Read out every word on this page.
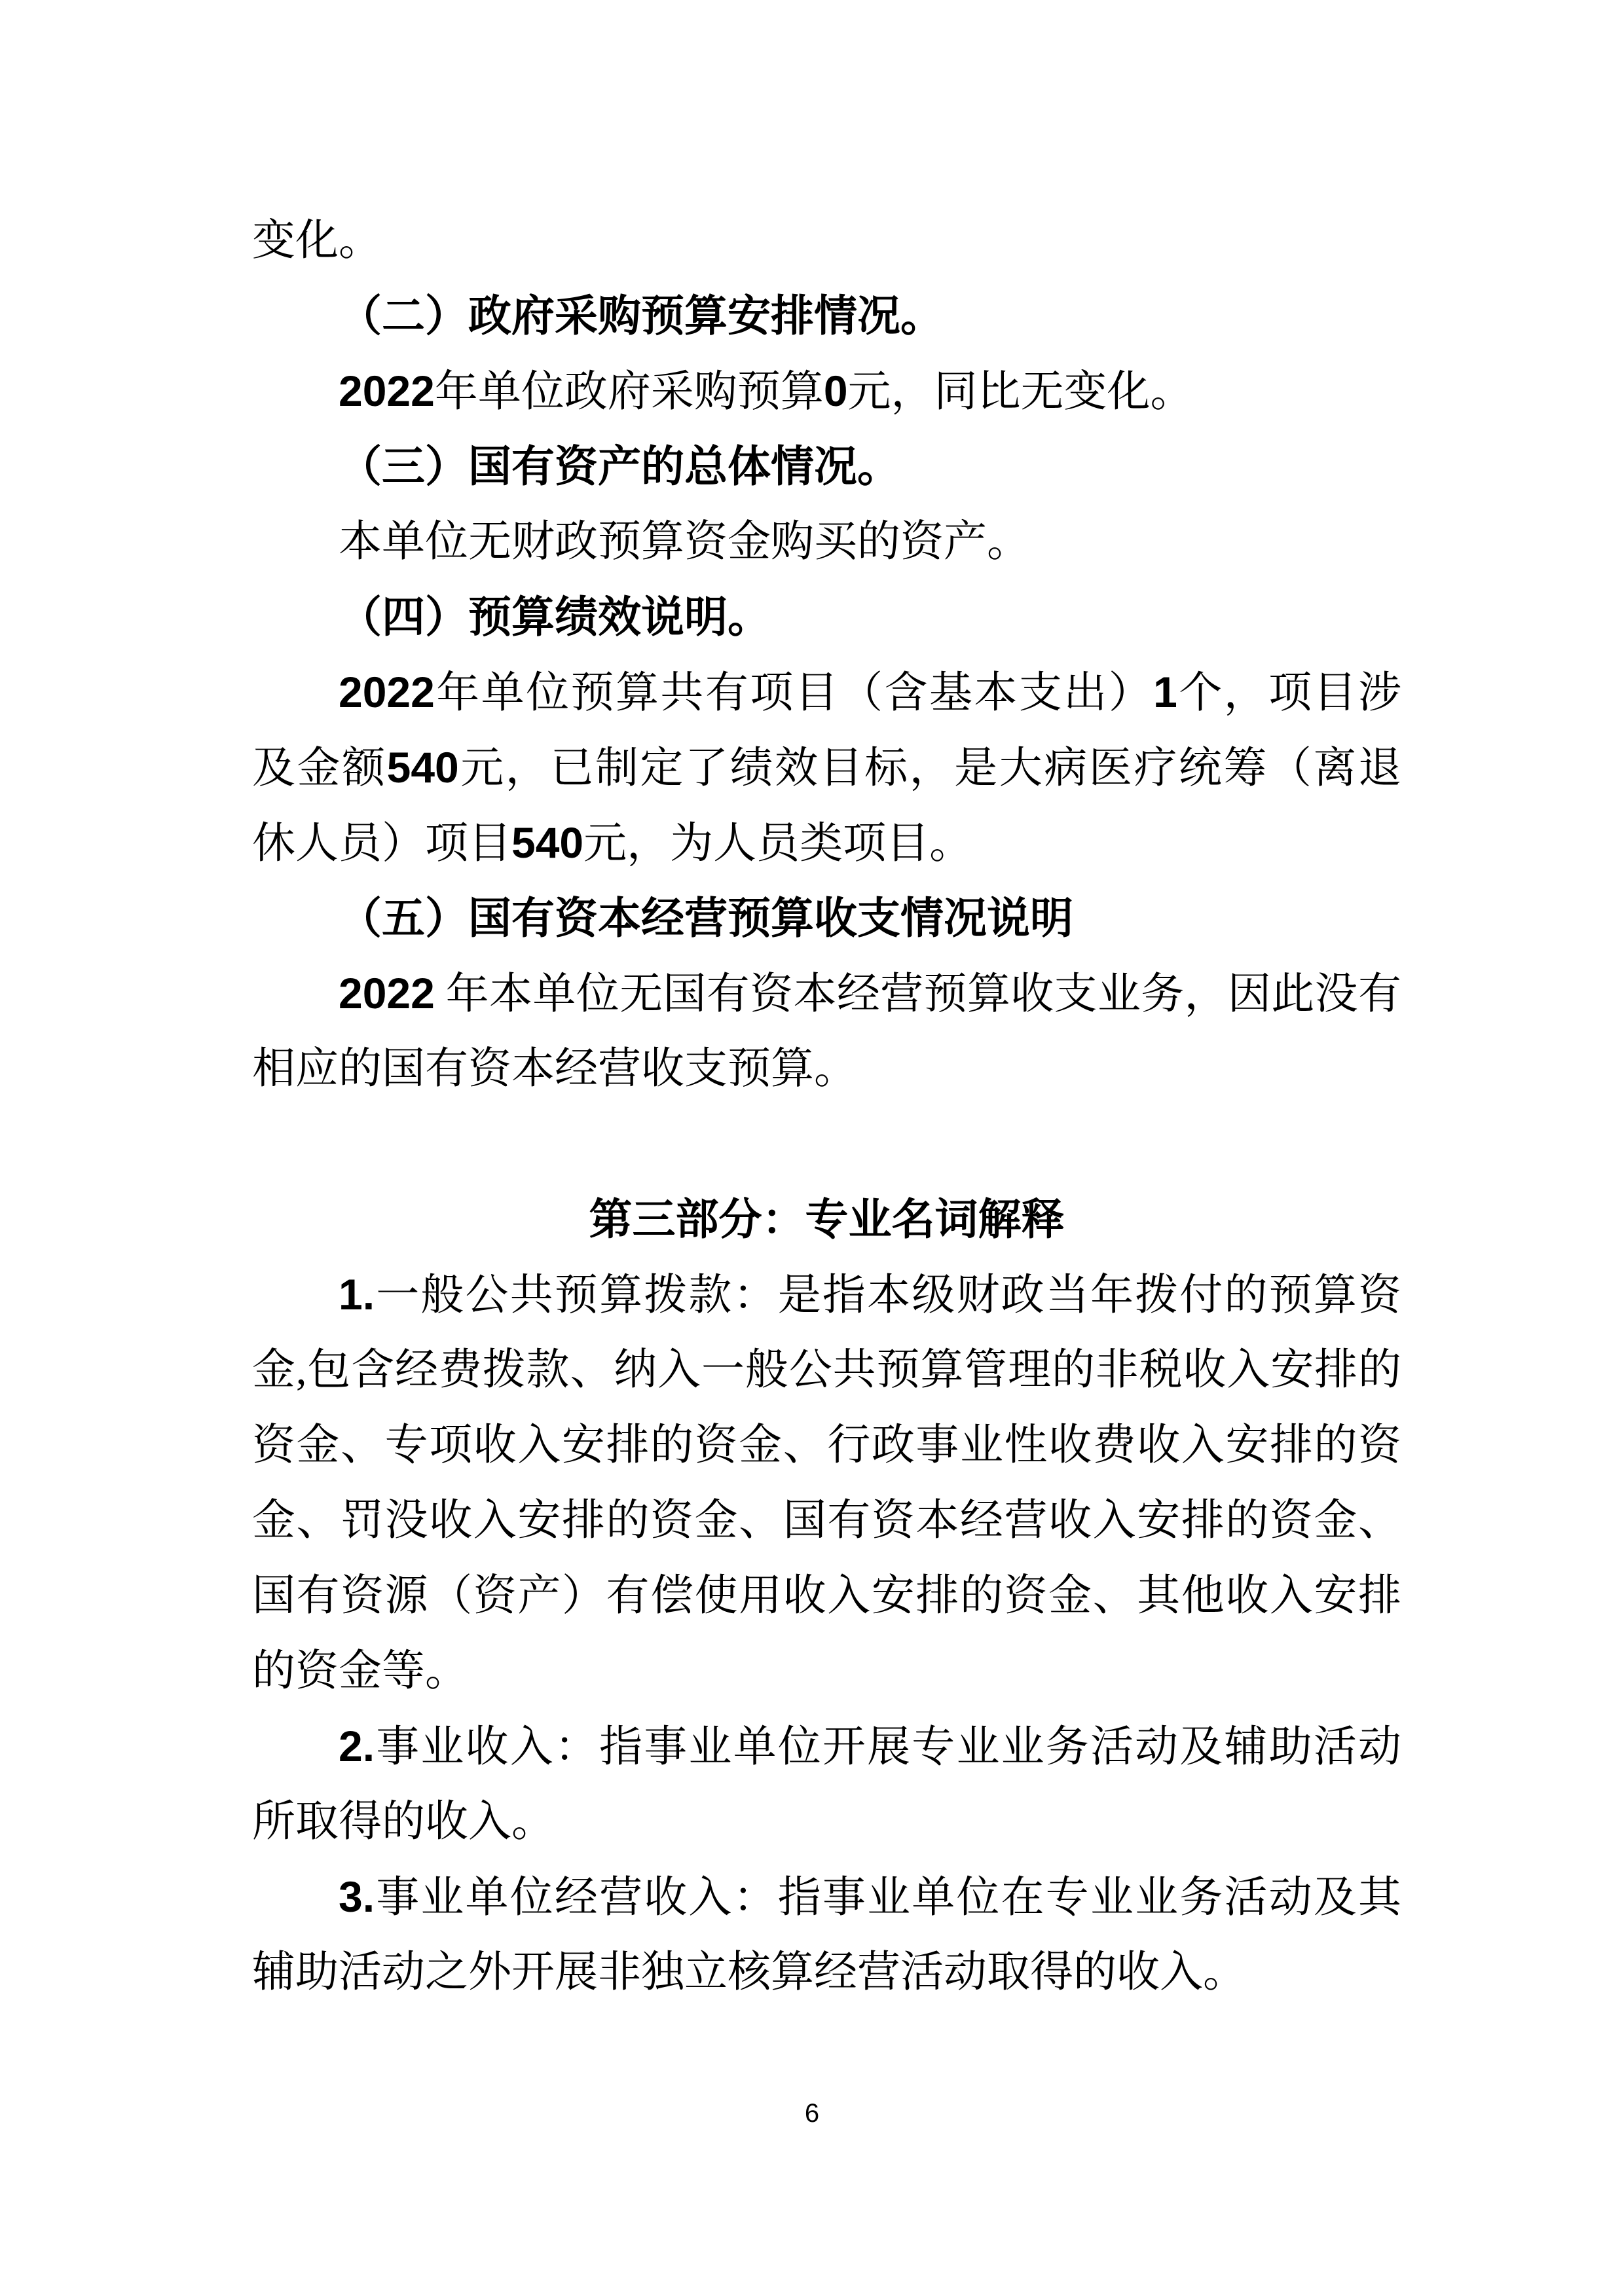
变化。
（二）政府采购预算安排情况。
2022年单位政府采购预算0元，同比无变化。
（三）国有资产的总体情况。
本单位无财政预算资金购买的资产。
（四）预算绩效说明。
2022年单位预算共有项目（含基本支出）1个，项目涉
及金额540元，已制定了绩效目标，是大病医疗统筹（离退
休人员）项目540元，为人员类项目。
（五）国有资本经营预算收支情况说明
2022 年本单位无国有资本经营预算收支业务，因此没有
相应的国有资本经营收支预算。
第三部分：专业名词解释
1.一般公共预算拨款：是指本级财政当年拨付的预算资
金,包含经费拨款、纳入一般公共预算管理的非税收入安排的
资金、专项收入安排的资金、行政事业性收费收入安排的资
金、罚没收入安排的资金、国有资本经营收入安排的资金、
国有资源（资产）有偿使用收入安排的资金、其他收入安排
的资金等。
2.事业收入：指事业单位开展专业业务活动及辅助活动
所取得的收入。
3.事业单位经营收入：指事业单位在专业业务活动及其
辅助活动之外开展非独立核算经营活动取得的收入。
6
